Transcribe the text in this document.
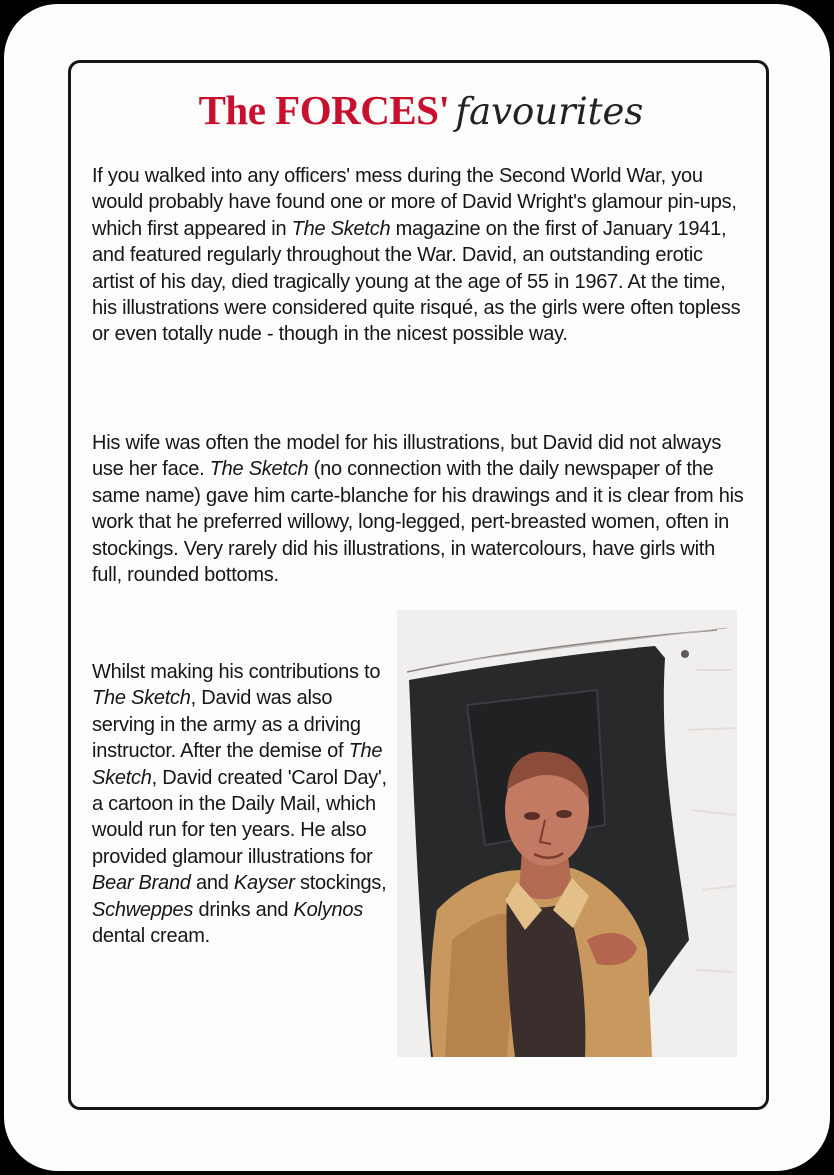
The FORCES' favourites

If you walked into any officers' mess during the Second World War, you would probably have found one or more of David Wright's glamour pin-ups, which first appeared in The Sketch magazine on the first of January 1941, and featured regularly throughout the War. David, an outstanding erotic artist of his day, died tragically young at the age of 55 in 1967. At the time, his illustrations were considered quite risqué, as the girls were often topless or even totally nude - though in the nicest possible way.

His wife was often the model for his illustrations, but David did not always use her face. The Sketch (no connection with the daily newspaper of the same name) gave him carte-blanche for his drawings and it is clear from his work that he preferred willowy, long-legged, pert-breasted women, often in stockings. Very rarely did his illustrations, in watercolours, have girls with full, rounded bottoms.

Whilst making his contributions to The Sketch, David was also serving in the army as a driving instructor. After the demise of The Sketch, David created 'Carol Day', a cartoon in the Daily Mail, which would run for ten years. He also provided glamour illustrations for Bear Brand and Kayser stockings, Schweppes drinks and Kolynos dental cream.
